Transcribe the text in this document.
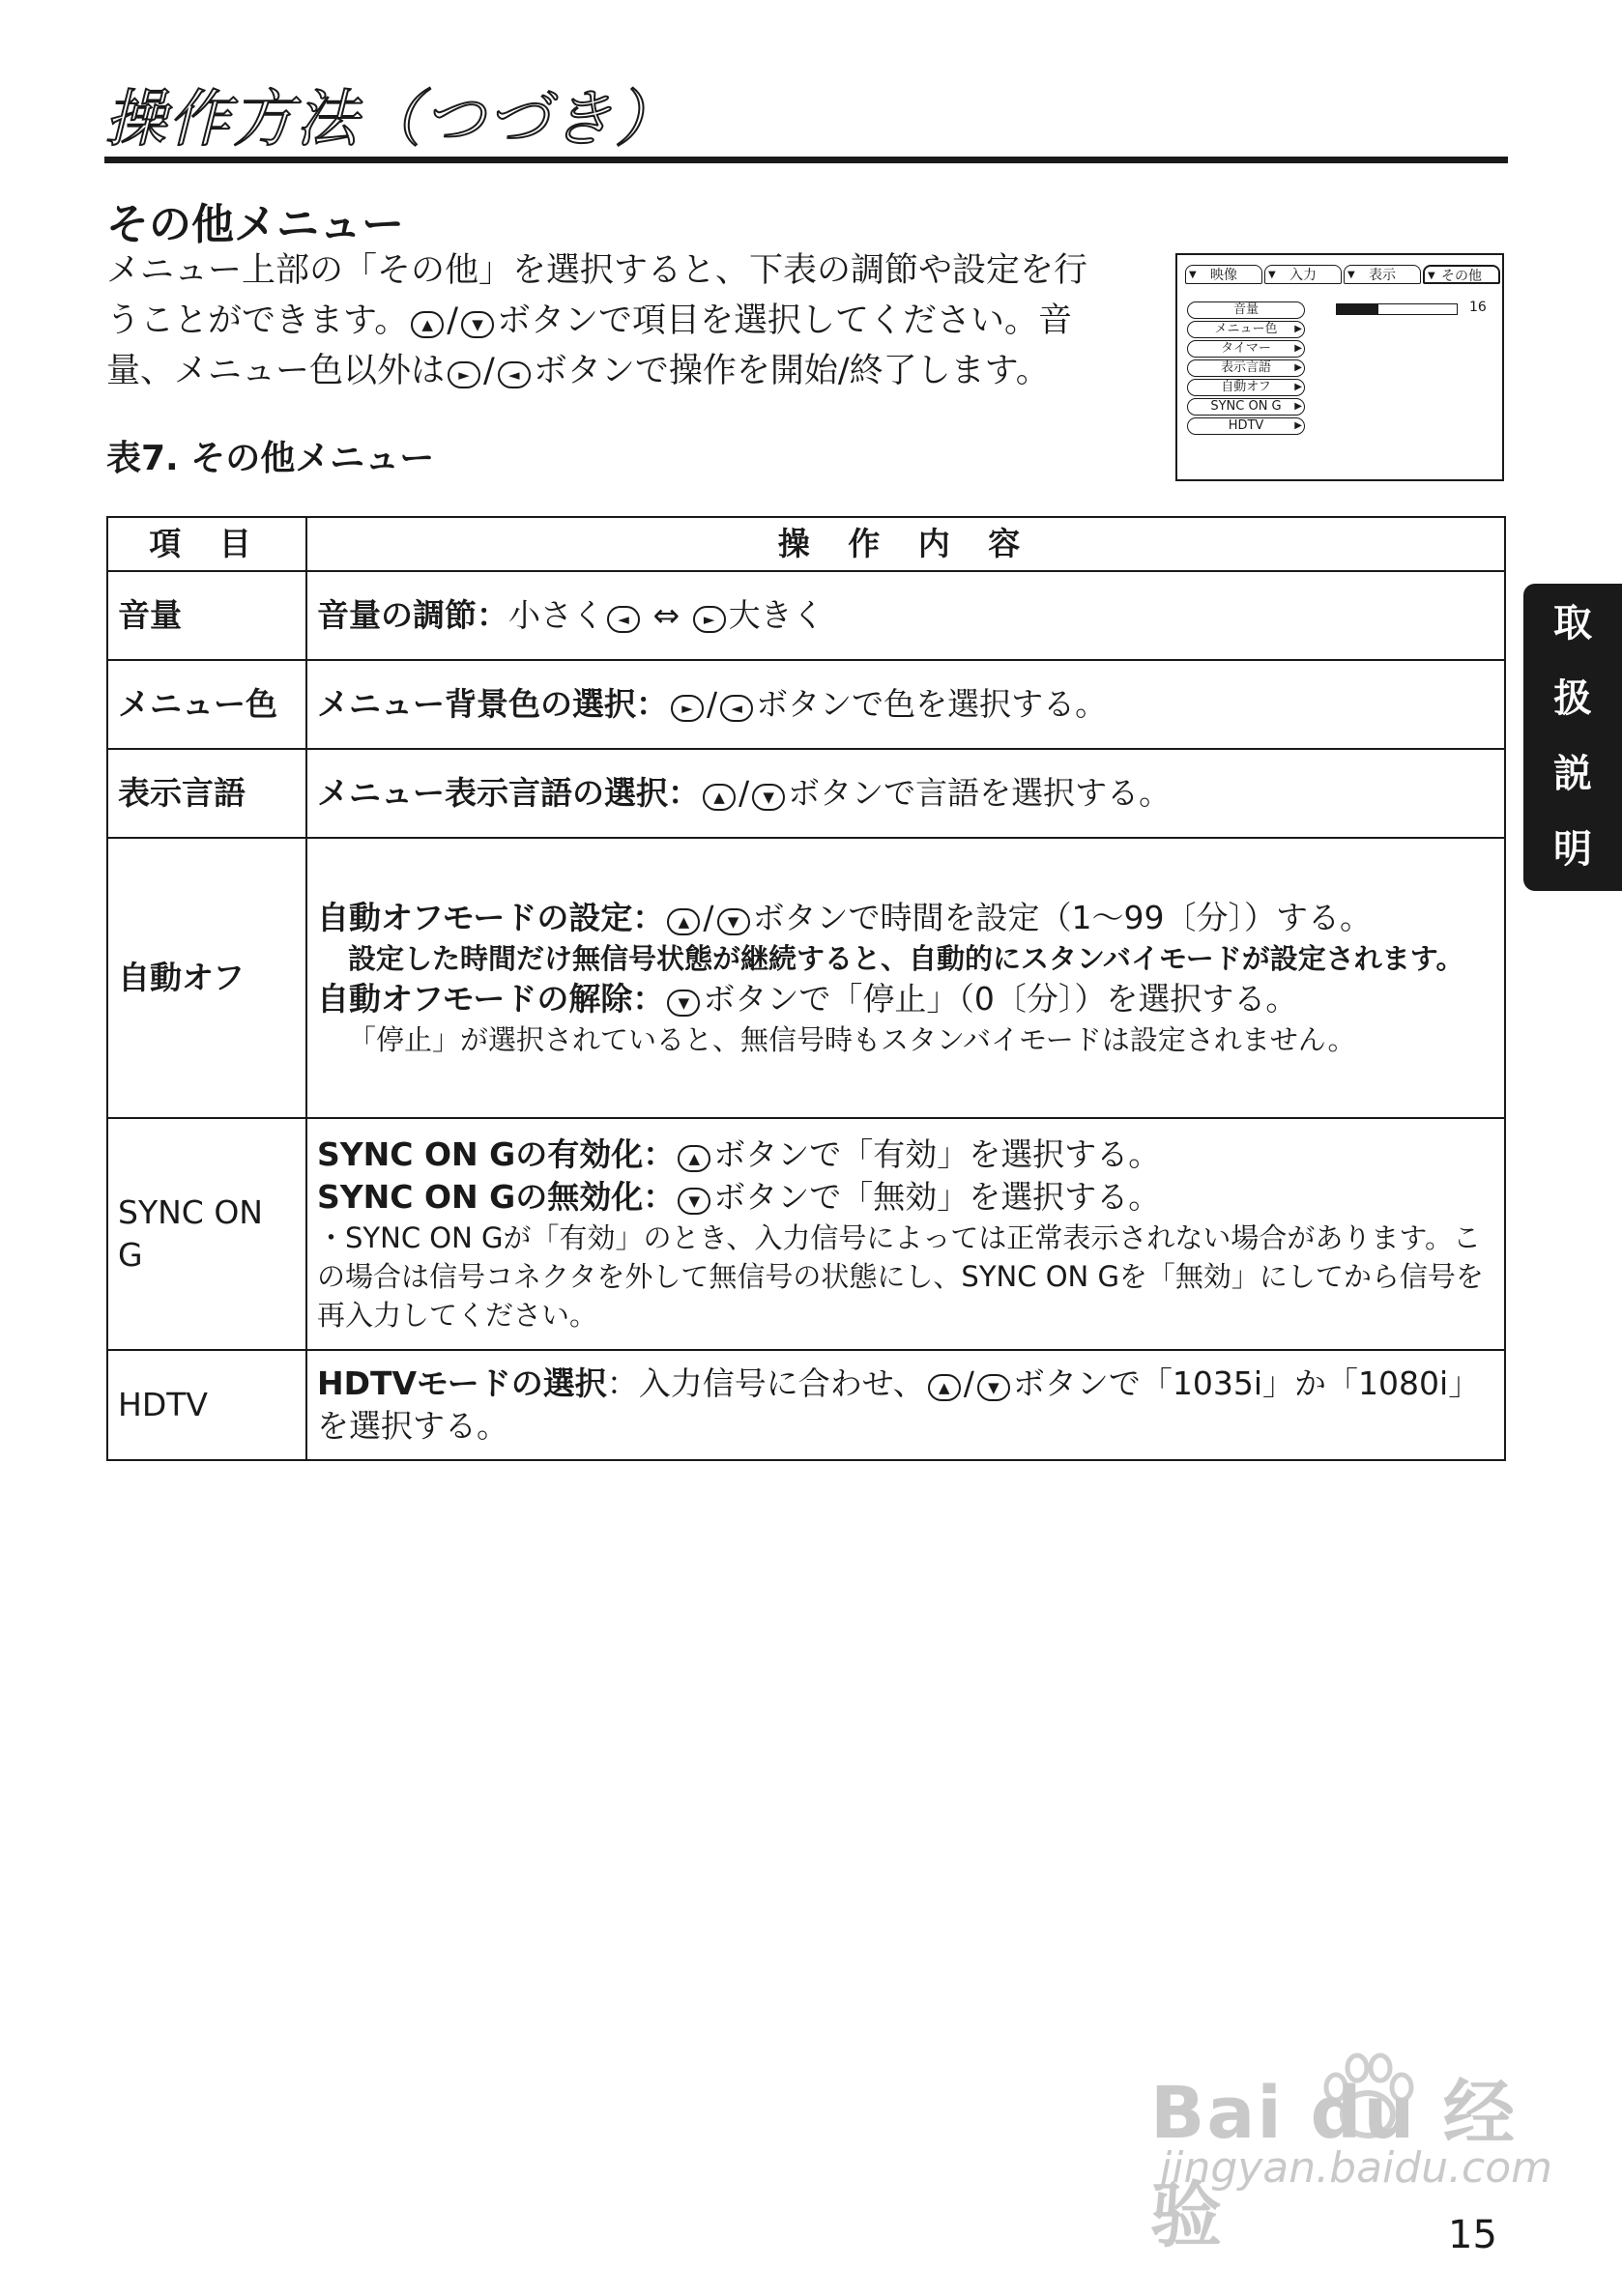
操作方法（つづき）
その他メニュー
メニュー上部の「その他」を選択すると、下表の調節や設定を行
うことができます。 ▲ / ▼ ボタンで項目を選択してください。音
量、メニュー色以外は ► / ◄ ボタンで操作を開始/終了します。
表7. その他メニュー
▼ 映像	▼ 入力	▼ 表示	▼ その他
音量
メニュー色 ▶
タイマー ▶
表示言語 ▶
自動オフ ▶
SYNC ON G ▶
HDTV	▶
16
項 目	操 作 内 容
音量	音量の調節：小さく ◄ ⇔ ► 大きく
メニュー色	メニュー背景色の選択： ► / ◄ ボタンで色を選択する。
表示言語	メニュー表示言語の選択： ▲ / ▼ ボタンで言語を選択する。
自動オフ	自動オフモードの設定： ▲ / ▼ ボタンで時間を設定（1～99〔分〕）する。
設定した時間だけ無信号状態が継続すると、自動的にスタンバイモードが設定されます。
自動オフモードの解除： ▼ ボタンで「停止」（0〔分〕）を選択する。
「停止」が選択されていると、無信号時もスタンバイモードは設定されません。

SYNC ON G	SYNC ON Gの有効化： ▲ ボタンで「有効」を選択する。
SYNC ON Gの無効化： ▼ ボタンで「無効」を選択する。
・SYNC ON Gが「有効」のとき、入力信号によっては正常表示されない場合があります。この場合は信号コネクタを外して無信号の状態にし、SYNC ON Gを「無効」にしてから信号を再入力してください。

HDTV	HDTVモードの選択：入力信号に合わせ、 ▲ / ▼ ボタンで「1035i」か「1080i」を選択する。
取
扱
説
明
Bai du 经验
jingyan.baidu.com
15
